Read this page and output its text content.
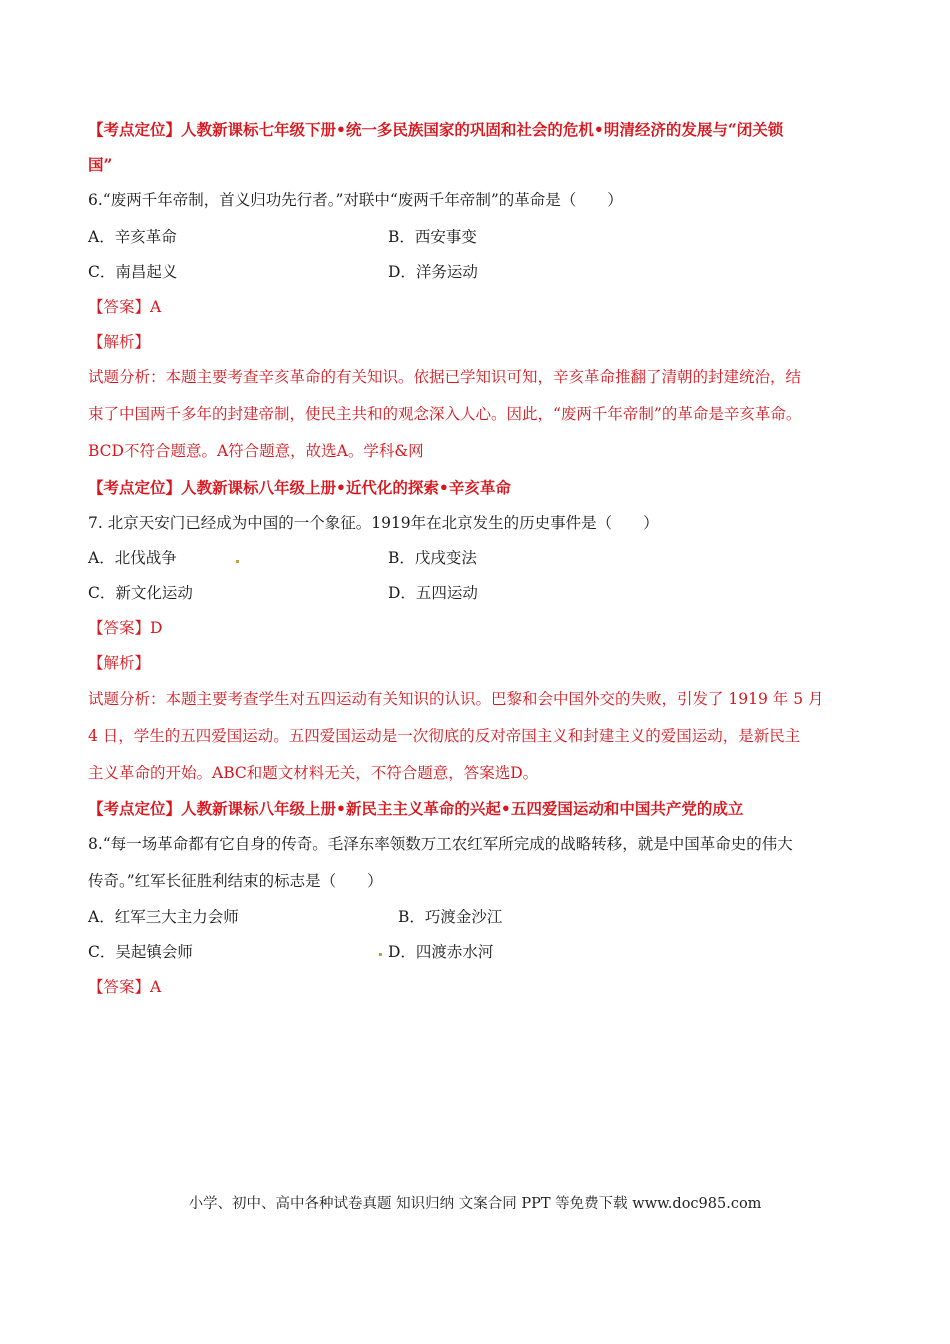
【考点定位】人教新课标七年级下册•统一多民族国家的巩固和社会的危机•明清经济的发展与“闭关锁
国”
6.“废两千年帝制，首义归功先行者。”对联中“废两千年帝制”的革命是（　　）
A．辛亥革命	B．西安事变
C．南昌起义	D．洋务运动
【答案】A
【解析】
试题分析：本题主要考查辛亥革命的有关知识。依据已学知识可知，辛亥革命推翻了清朝的封建统治，结
束了中国两千多年的封建帝制，使民主共和的观念深入人心。因此，“废两千年帝制”的革命是辛亥革命。
BCD不符合题意。A符合题意，故选A。学科&网
【考点定位】人教新课标八年级上册•近代化的探索•辛亥革命
7. 北京天安门已经成为中国的一个象征。1919年在北京发生的历史事件是（　　）
A．北伐战争	B．戊戌变法
C．新文化运动	D．五四运动
【答案】D
【解析】
试题分析：本题主要考查学生对五四运动有关知识的认识。巴黎和会中国外交的失败，引发了 1919 年 5 月
4 日，学生的五四爱国运动。五四爱国运动是一次彻底的反对帝国主义和封建主义的爱国运动，是新民主
主义革命的开始。ABC和题文材料无关，不符合题意，答案选D。
【考点定位】人教新课标八年级上册•新民主主义革命的兴起•五四爱国运动和中国共产党的成立
8.“每一场革命都有它自身的传奇。毛泽东率领数万工农红军所完成的战略转移，就是中国革命史的伟大
传奇。”红军长征胜利结束的标志是（　　）
A．红军三大主力会师	B．巧渡金沙江
C．吴起镇会师	D．四渡赤水河
【答案】A
小学、初中、高中各种试卷真题 知识归纳 文案合同 PPT 等免费下载 www.doc985.com
